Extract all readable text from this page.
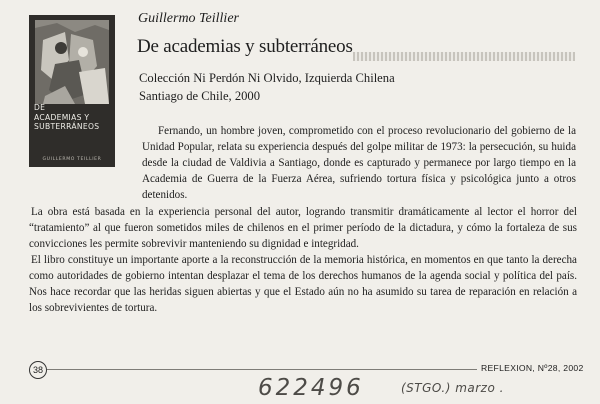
DE
ACADEMIAS Y
SUBTERRÁNEOS
GUILLERMO TEILLIER
Guillermo Teillier
De academias y subterráneos
Colección Ni Perdón Ni Olvido, Izquierda Chilena
Santiago de Chile, 2000

Fernando, un hombre joven, comprometido con el proceso revolucionario del gobierno de la Unidad Popular, relata su experiencia después del golpe militar de 1973: la persecución, su huida desde la ciudad de Valdivia a Santiago, donde es capturado y permanece por largo tiempo en la Academia de Guerra de la Fuerza Aérea, sufriendo tortura física y psicológica junto a otros detenidos.

La obra está basada en la experiencia personal del autor, logrando transmitir dramáticamente al lector el horror del “tratamiento” al que fueron sometidos miles de chilenos en el primer período de la dictadura, y cómo la fortaleza de sus convicciones les permite sobrevivir manteniendo su dignidad e integridad.

El libro constituye un importante aporte a la reconstrucción de la memoria histórica, en momentos en que tanto la derecha como autoridades de gobierno intentan desplazar el tema de los derechos humanos de la agenda social y política del país. Nos hace recordar que las heridas siguen abiertas y que el Estado aún no ha asumido su tarea de reparación en relación a los sobrevivientes de tortura.

38	REFLEXION, Nº28, 2002
622496	(STGO.) marzo .
